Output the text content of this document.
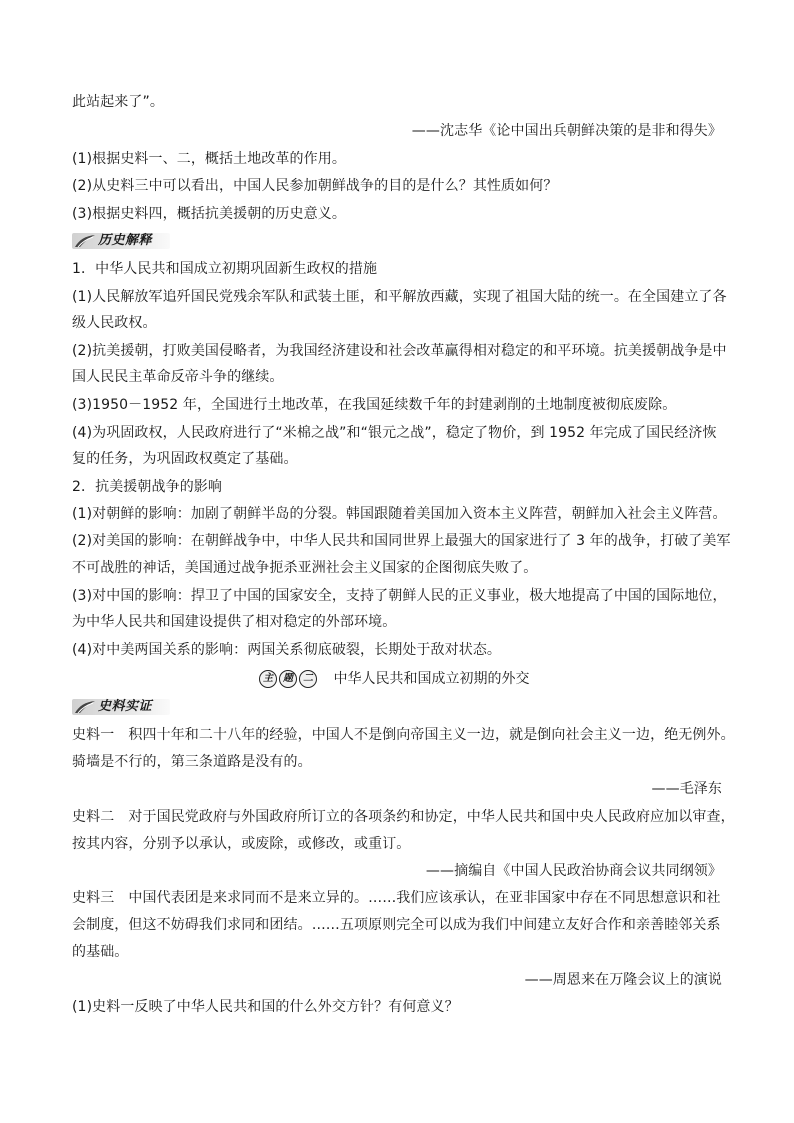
此站起来了”。
——沈志华《论中国出兵朝鲜决策的是非和得失》
(1)根据史料一、二，概括土地改革的作用。
(2)从史料三中可以看出，中国人民参加朝鲜战争的目的是什么？其性质如何？
(3)根据史料四，概括抗美援朝的历史意义。
历史解释
1．中华人民共和国成立初期巩固新生政权的措施
(1)人民解放军追歼国民党残余军队和武装土匪，和平解放西藏，实现了祖国大陆的统一。在全国建立了各
级人民政权。
(2)抗美援朝，打败美国侵略者，为我国经济建设和社会改革赢得相对稳定的和平环境。抗美援朝战争是中
国人民民主革命反帝斗争的继续。
(3)1950－1952 年，全国进行土地改革，在我国延续数千年的封建剥削的土地制度被彻底废除。
(4)为巩固政权，人民政府进行了“米棉之战”和“银元之战”，稳定了物价，到 1952 年完成了国民经济恢
复的任务，为巩固政权奠定了基础。
2．抗美援朝战争的影响
(1)对朝鲜的影响：加剧了朝鲜半岛的分裂。韩国跟随着美国加入资本主义阵营，朝鲜加入社会主义阵营。
(2)对美国的影响：在朝鲜战争中，中华人民共和国同世界上最强大的国家进行了 3 年的战争，打破了美军
不可战胜的神话，美国通过战争扼杀亚洲社会主义国家的企图彻底失败了。
(3)对中国的影响：捍卫了中国的国家安全，支持了朝鲜人民的正义事业，极大地提高了中国的国际地位，
为中华人民共和国建设提供了相对稳定的外部环境。
(4)对中美两国关系的影响：两国关系彻底破裂，长期处于敌对状态。
主	题	二 中华人民共和国成立初期的外交
史料实证
史料一　积四十年和二十八年的经验，中国人不是倒向帝国主义一边，就是倒向社会主义一边，绝无例外。
骑墙是不行的，第三条道路是没有的。
——毛泽东
史料二　对于国民党政府与外国政府所订立的各项条约和协定，中华人民共和国中央人民政府应加以审查，
按其内容，分别予以承认，或废除，或修改，或重订。
——摘编自《中国人民政治协商会议共同纲领》
史料三　中国代表团是来求同而不是来立异的。……我们应该承认，在亚非国家中存在不同思想意识和社
会制度，但这不妨碍我们求同和团结。……五项原则完全可以成为我们中间建立友好合作和亲善睦邻关系
的基础。
——周恩来在万隆会议上的演说
(1)史料一反映了中华人民共和国的什么外交方针？有何意义？
